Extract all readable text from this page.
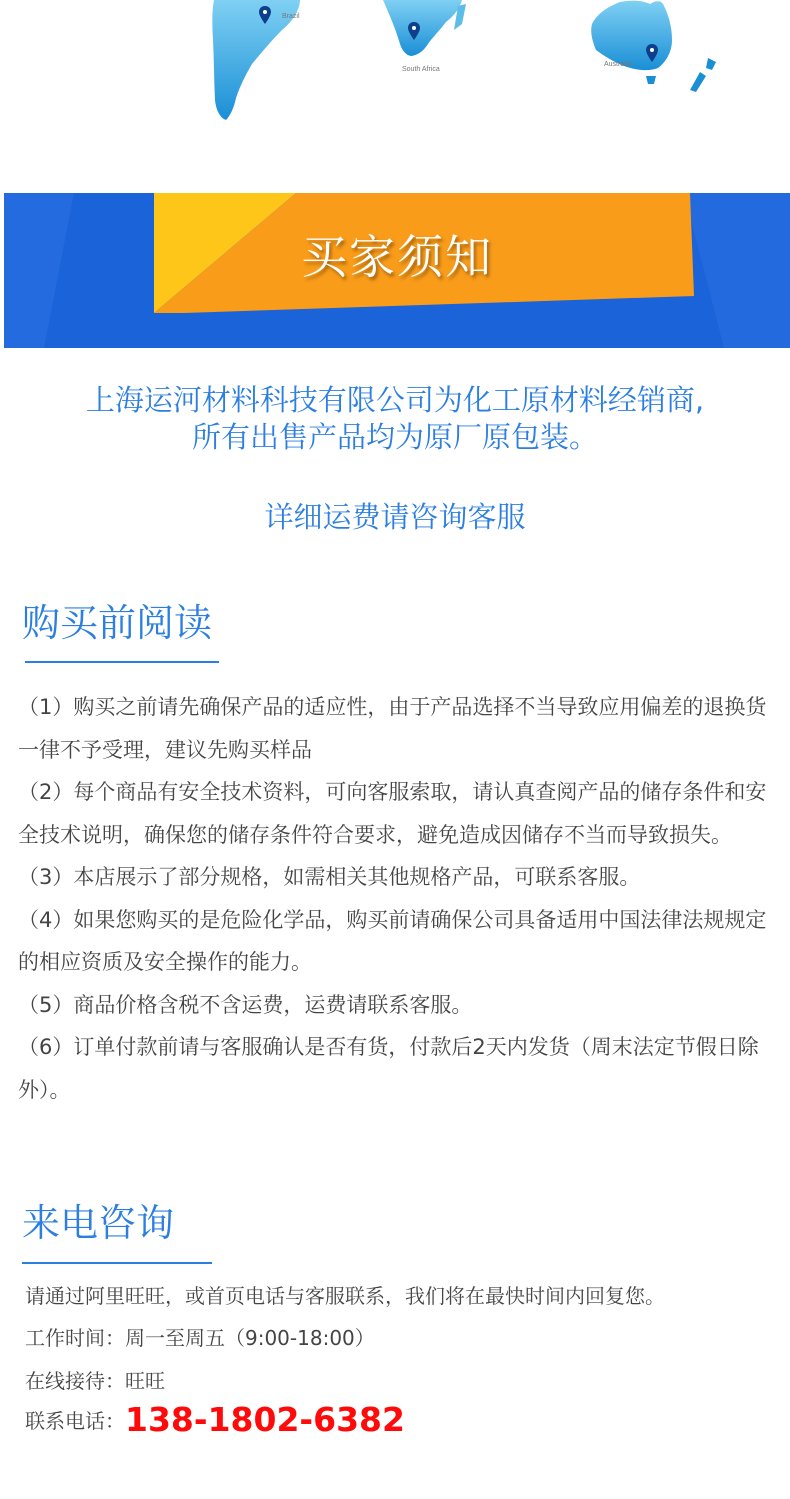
Brazil
South Africa
Australia
买家须知
上海运河材料科技有限公司为化工原材料经销商,
所有出售产品均为原厂原包装。
详细运费请咨询客服
购买前阅读

（1）购买之前请先确保产品的适应性，由于产品选择不当导致应用偏差的退换货一律不予受理，建议先购买样品

（2）每个商品有安全技术资料，可向客服索取，请认真查阅产品的储存条件和安全技术说明，确保您的储存条件符合要求，避免造成因储存不当而导致损失。

（3）本店展示了部分规格，如需相关其他规格产品，可联系客服。

（4）如果您购买的是危险化学品，购买前请确保公司具备适用中国法律法规规定的相应资质及安全操作的能力。

（5）商品价格含税不含运费，运费请联系客服。

（6）订单付款前请与客服确认是否有货，付款后2天内发货（周末法定节假日除外）。

来电咨询
请通过阿里旺旺，或首页电话与客服联系，我们将在最快时间内回复您。
工作时间：周一至周五（9:00-18:00）
在线接待：旺旺
联系电话：138-1802-6382
